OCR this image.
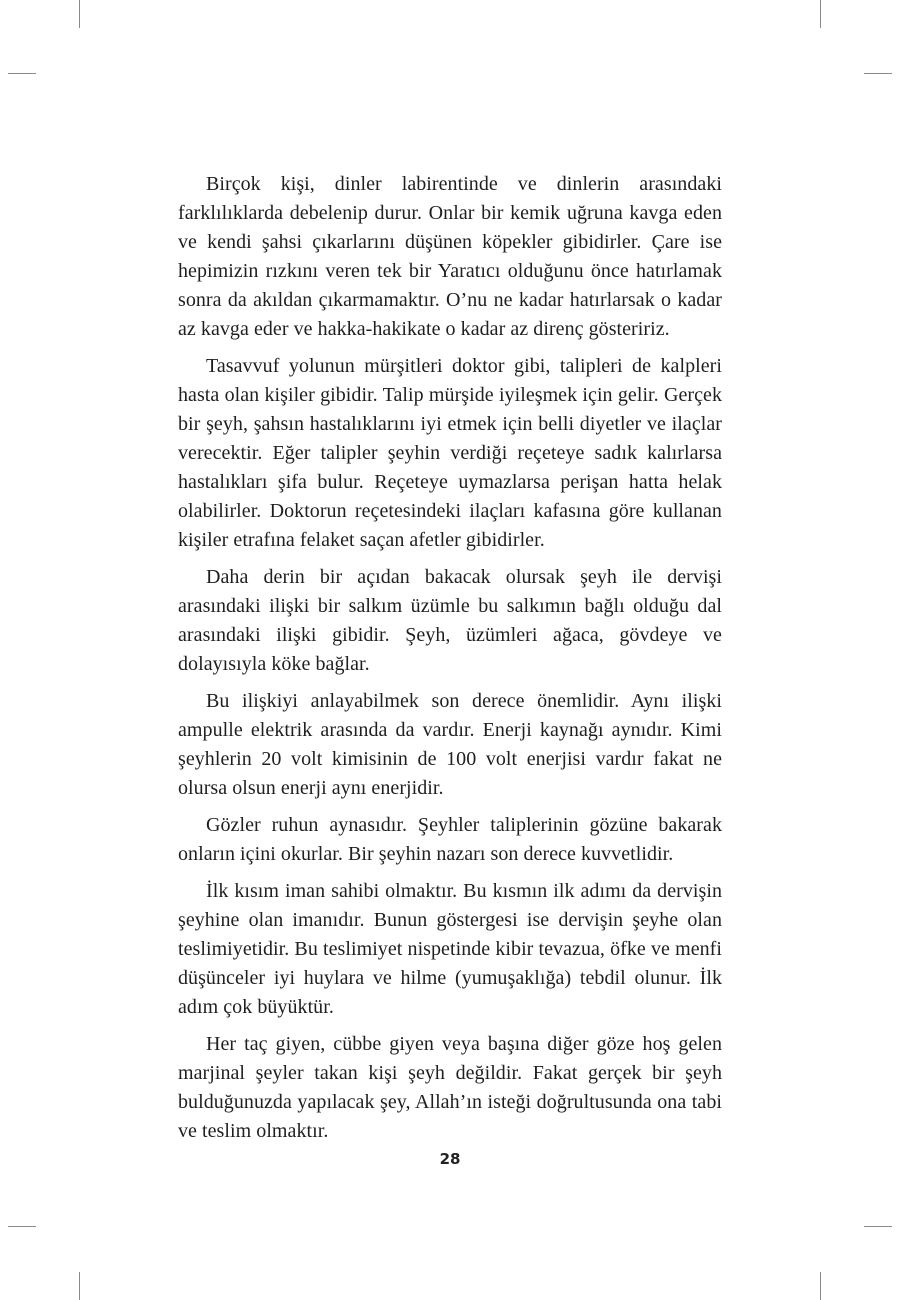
Birçok kişi, dinler labirentinde ve dinlerin arasındaki farklılıklarda debelenip durur. Onlar bir kemik uğruna kavga eden ve kendi şahsi çıkarlarını düşünen köpekler gibidirler. Çare ise hepimizin rızkını veren tek bir Yaratıcı olduğunu önce hatırlamak sonra da akıldan çıkarmamaktır. O’nu ne kadar hatırlarsak o kadar az kavga eder ve hakka-hakikate o kadar az direnç gösteririz.

Tasavvuf yolunun mürşitleri doktor gibi, talipleri de kalpleri hasta olan kişiler gibidir. Talip mürşide iyileşmek için gelir. Gerçek bir şeyh, şahsın hastalıklarını iyi etmek için belli diyetler ve ilaçlar verecektir. Eğer talipler şeyhin verdiği reçeteye sadık kalırlarsa hastalıkları şifa bulur. Reçeteye uymazlarsa perişan hatta helak olabilirler. Doktorun reçetesindeki ilaçları kafasına göre kullanan kişiler etrafına felaket saçan afetler gibidirler.

Daha derin bir açıdan bakacak olursak şeyh ile dervişi arasındaki ilişki bir salkım üzümle bu salkımın bağlı olduğu dal arasındaki ilişki gibidir. Şeyh, üzümleri ağaca, gövdeye ve dolayısıyla köke bağlar.

Bu ilişkiyi anlayabilmek son derece önemlidir. Aynı ilişki ampulle elektrik arasında da vardır. Enerji kaynağı aynıdır. Kimi şeyhlerin 20 volt kimisinin de 100 volt enerjisi vardır fakat ne olursa olsun enerji aynı enerjidir.

Gözler ruhun aynasıdır. Şeyhler taliplerinin gözüne bakarak onların içini okurlar. Bir şeyhin nazarı son derece kuvvetlidir.

İlk kısım iman sahibi olmaktır. Bu kısmın ilk adımı da dervişin şeyhine olan imanıdır. Bunun göstergesi ise dervişin şeyhe olan teslimiyetidir. Bu teslimiyet nispetinde kibir tevazua, öfke ve menfi düşünceler iyi huylara ve hilme (yumuşaklığa) tebdil olunur. İlk adım çok büyüktür.

Her taç giyen, cübbe giyen veya başına diğer göze hoş gelen marjinal şeyler takan kişi şeyh değildir. Fakat gerçek bir şeyh bulduğunuzda yapılacak şey, Allah’ın isteği doğrultusunda ona tabi ve teslim olmaktır.

28
